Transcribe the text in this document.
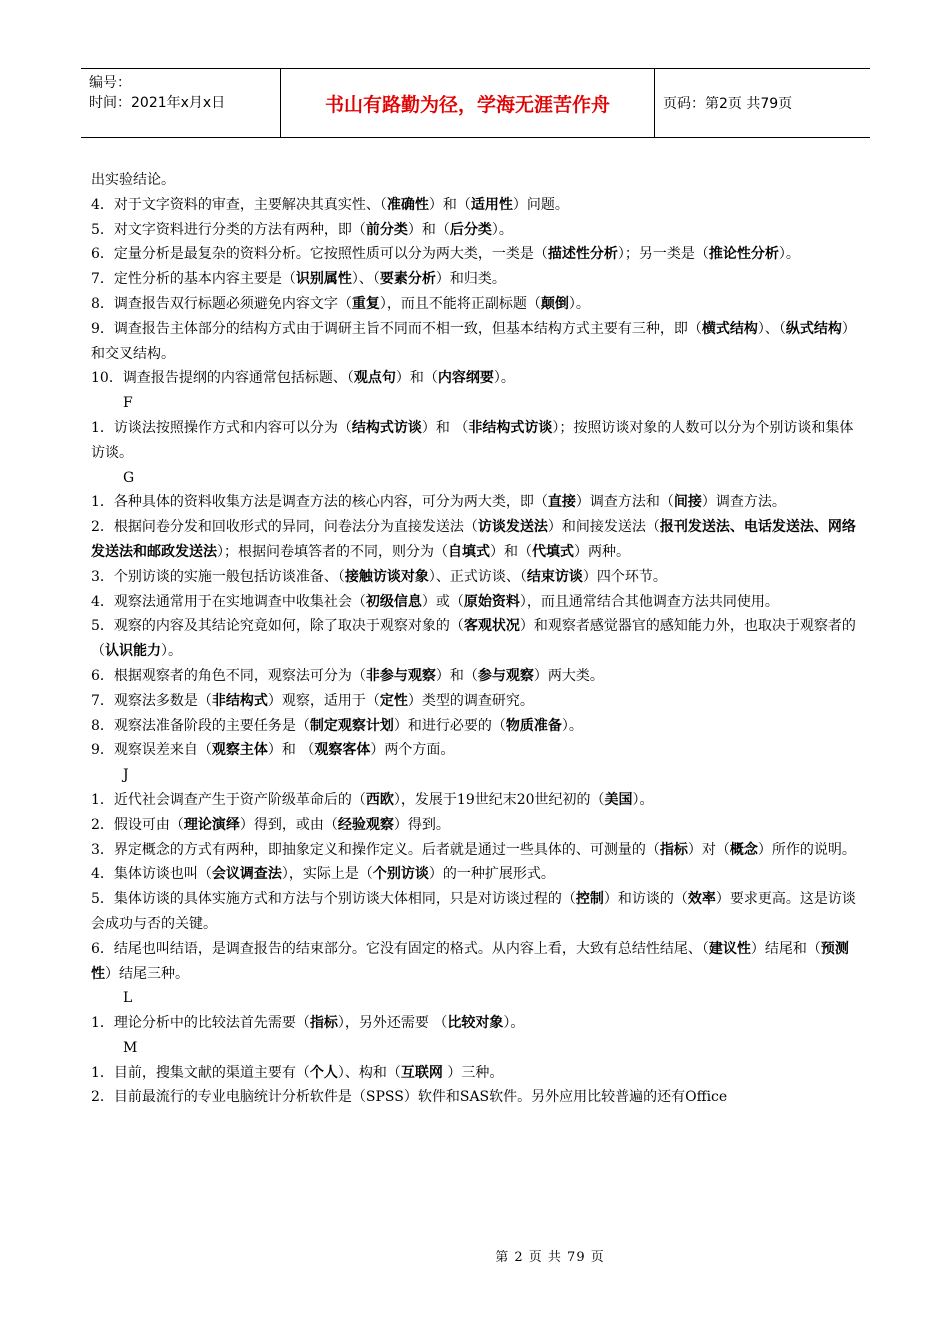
编号：
时间：2021年x月x日	书山有路勤为径，学海无涯苦作舟	页码：第2页 共79页

出实验结论。

4．对于文字资料的审查，主要解决其真实性、（准确性）和（适用性）问题。

5．对文字资料进行分类的方法有两种，即（前分类）和（后分类）。

6．定量分析是最复杂的资料分析。它按照性质可以分为两大类，一类是（描述性分析）；另一类是（推论性分析）。

7．定性分析的基本内容主要是（识别属性）、（要素分析）和归类。

8．调查报告双行标题必须避免内容文字（重复），而且不能将正副标题（颠倒）。

9．调查报告主体部分的结构方式由于调研主旨不同而不相一致，但基本结构方式主要有三种，即（横式结构）、（纵式结构）和交叉结构。

10．调查报告提纲的内容通常包括标题、（观点句）和（内容纲要）。

F

1．访谈法按照操作方式和内容可以分为（结构式访谈）和 （非结构式访谈）；按照访谈对象的人数可以分为个别访谈和集体访谈。

G

1．各种具体的资料收集方法是调查方法的核心内容，可分为两大类，即（直接）调查方法和（间接）调查方法。

2．根据问卷分发和回收形式的异同，问卷法分为直接发送法（访谈发送法）和间接发送法（报刊发送法、电话发送法、网络发送法和邮政发送法）；根据问卷填答者的不同，则分为（自填式）和（代填式）两种。

3．个别访谈的实施一般包括访谈准备、（接触访谈对象）、正式访谈、（结束访谈）四个环节。

4．观察法通常用于在实地调查中收集社会（初级信息）或（原始资料），而且通常结合其他调查方法共同使用。

5．观察的内容及其结论究竟如何，除了取决于观察对象的（客观状况）和观察者感觉器官的感知能力外，也取决于观察者的（认识能力）。

6．根据观察者的角色不同，观察法可分为（非参与观察）和（参与观察）两大类。

7．观察法多数是（非结构式）观察，适用于（定性）类型的调查研究。

8．观察法准备阶段的主要任务是（制定观察计划）和进行必要的（物质准备）。

9．观察误差来自（观察主体）和 （观察客体）两个方面。

J

1．近代社会调查产生于资产阶级革命后的（西欧），发展于19世纪末20世纪初的（美国）。

2．假设可由（理论演绎）得到，或由（经验观察）得到。

3．界定概念的方式有两种，即抽象定义和操作定义。后者就是通过一些具体的、可测量的（指标）对（概念）所作的说明。

4．集体访谈也叫（会议调查法），实际上是（个别访谈）的一种扩展形式。

5．集体访谈的具体实施方式和方法与个别访谈大体相同，只是对访谈过程的（控制）和访谈的（效率）要求更高。这是访谈会成功与否的关键。

6．结尾也叫结语，是调查报告的结束部分。它没有固定的格式。从内容上看，大致有总结性结尾、（建议性）结尾和（预测性）结尾三种。

L

1．理论分析中的比较法首先需要（指标），另外还需要 （比较对象）。

M

1．目前，搜集文献的渠道主要有（个人）、构和（互联网 ）三种。

2．目前最流行的专业电脑统计分析软件是（SPSS）软件和SAS软件。另外应用比较普遍的还有Office

第 2 页 共 79 页
